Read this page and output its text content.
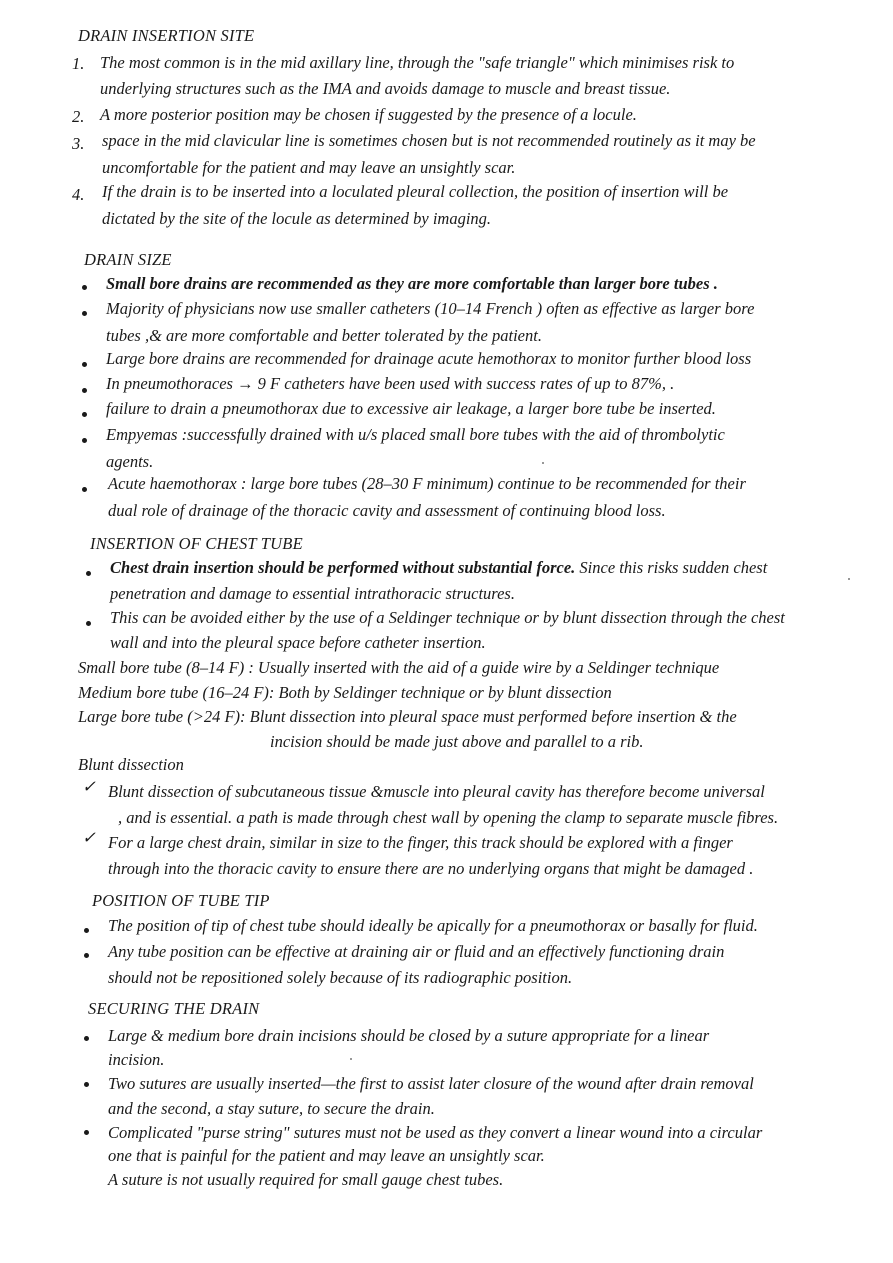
DRAIN INSERTION SITE
1. The most common is in the mid axillary line, through the "safe triangle" which minimises risk to
underlying structures such as the IMA and avoids damage to muscle and breast tissue.
2. A more posterior position may be chosen if suggested by the presence of a locule.
3.	space in the mid clavicular line is sometimes chosen but is not recommended routinely as it may be
uncomfortable for the patient and may leave an unsightly scar.
4.	If the drain is to be inserted into a loculated pleural collection, the position of insertion will be
dictated by the site of the locule as determined by imaging.
DRAIN SIZE
Small bore drains are recommended as they are more comfortable than larger bore tubes .
Majority of physicians now use smaller catheters (10–14 French ) often as effective as larger bore
tubes ,& are more comfortable and better tolerated by the patient.
Large bore drains are recommended for drainage acute hemothorax to monitor further blood loss
In pneumothoraces → 9 F catheters have been used with success rates of up to 87%, .
failure to drain a pneumothorax due to excessive air leakage, a larger bore tube be inserted.
Empyemas :successfully drained with u/s placed small bore tubes with the aid of thrombolytic
agents.
Acute haemothorax : large bore tubes (28–30 F minimum) continue to be recommended for their
dual role of drainage of the thoracic cavity and assessment of continuing blood loss.
INSERTION OF CHEST TUBE
Chest drain insertion should be performed without substantial force. Since this risks sudden chest
penetration and damage to essential intrathoracic structures.
This can be avoided either by the use of a Seldinger technique or by blunt dissection through the chest
wall and into the pleural space before catheter insertion.
Small bore tube (8–14 F) : Usually inserted with the aid of a guide wire by a Seldinger technique
Medium bore tube (16–24 F): Both by Seldinger technique or by blunt dissection
Large bore tube (>24 F): Blunt dissection into pleural space must performed before insertion & the
incision should be made just above and parallel to a rib.
Blunt dissection
✓ Blunt dissection of subcutaneous tissue &muscle into pleural cavity has therefore become universal
, and is essential. a path is made through chest wall by opening the clamp to separate muscle fibres.
✓ For a large chest drain, similar in size to the finger, this track should be explored with a finger
through into the thoracic cavity to ensure there are no underlying organs that might be damaged .
POSITION OF TUBE TIP
The position of tip of chest tube should ideally be apically for a pneumothorax or basally for fluid.
Any tube position can be effective at draining air or fluid and an effectively functioning drain
should not be repositioned solely because of its radiographic position.
SECURING THE DRAIN
Large & medium bore drain incisions should be closed by a suture appropriate for a linear
incision.
Two sutures are usually inserted—the first to assist later closure of the wound after drain removal
and the second, a stay suture, to secure the drain.
Complicated "purse string" sutures must not be used as they convert a linear wound into a circular
one that is painful for the patient and may leave an unsightly scar.
A suture is not usually required for small gauge chest tubes.
